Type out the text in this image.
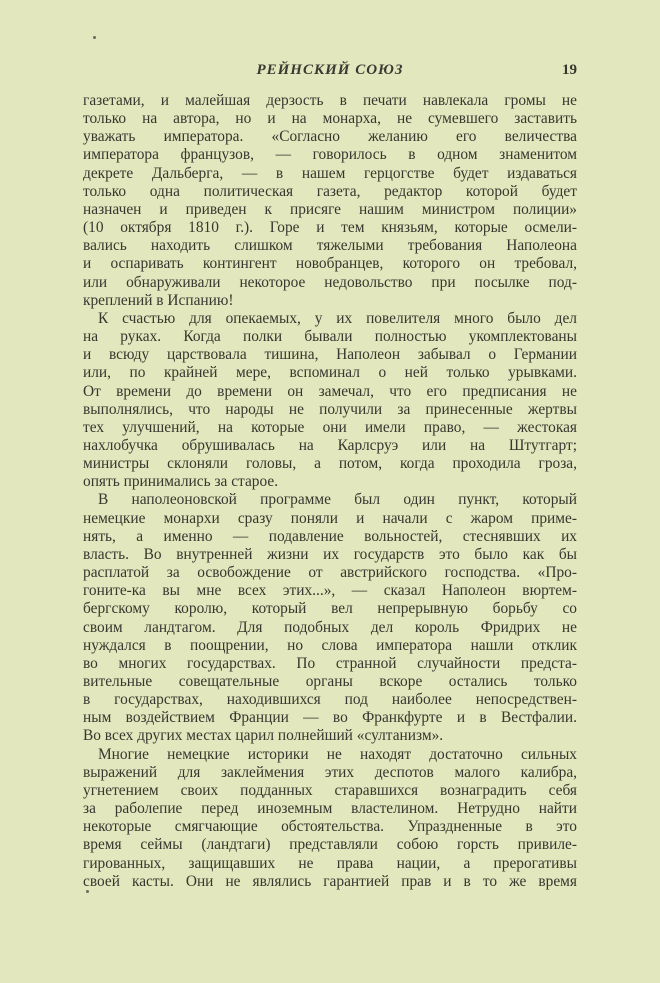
РЕЙНСКИЙ СОЮЗ	19
газетами, и малейшая дерзость в печати навлекала громы не
только на автора, но и на монарха, не сумевшего заставить
уважать императора. «Согласно желанию его величества
императора французов, — говорилось в одном знаменитом
декрете Дальберга, — в нашем герцогстве будет издаваться
только одна политическая газета, редактор которой будет
назначен и приведен к присяге нашим министром полиции»
(10 октября 1810 г.). Горе и тем князьям, которые осмели-
вались находить слишком тяжелыми требования Наполеона
и оспаривать контингент новобранцев, которого он требовал,
или обнаруживали некоторое недовольство при посылке под-
креплений в Испанию!
К счастью для опекаемых, у их повелителя много было дел
на руках. Когда полки бывали полностью укомплектованы
и всюду царствовала тишина, Наполеон забывал о Германии
или, по крайней мере, вспоминал о ней только урывками.
От времени до времени он замечал, что его предписания не
выполнялись, что народы не получили за принесенные жертвы
тех улучшений, на которые они имели право, — жестокая
нахлобучка обрушивалась на Карлсруэ или на Штутгарт;
министры склоняли головы, а потом, когда проходила гроза,
опять принимались за старое.
В наполеоновской программе был один пункт, который
немецкие монархи сразу поняли и начали с жаром приме-
нять, а именно — подавление вольностей, стеснявших их
власть. Во внутренней жизни их государств это было как бы
расплатой за освобождение от австрийского господства. «Про-
гоните-ка вы мне всех этих...», — сказал Наполеон вюртем-
бергскому королю, который вел непрерывную борьбу со
своим ландтагом. Для подобных дел король Фридрих не
нуждался в поощрении, но слова императора нашли отклик
во многих государствах. По странной случайности предста-
вительные совещательные органы вскоре остались только
в государствах, находившихся под наиболее непосредствен-
ным воздействием Франции — во Франкфурте и в Вестфалии.
Во всех других местах царил полнейший «султанизм».
Многие немецкие историки не находят достаточно сильных
выражений для заклеймения этих деспотов малого калибра,
угнетением своих подданных старавшихся вознаградить себя
за раболепие перед иноземным властелином. Нетрудно найти
некоторые смягчающие обстоятельства. Упраздненные в это
время сеймы (ландтаги) представляли собою горсть привиле-
гированных, защищавших не права нации, а прерогативы
своей касты. Они не являлись гарантией прав и в то же время
